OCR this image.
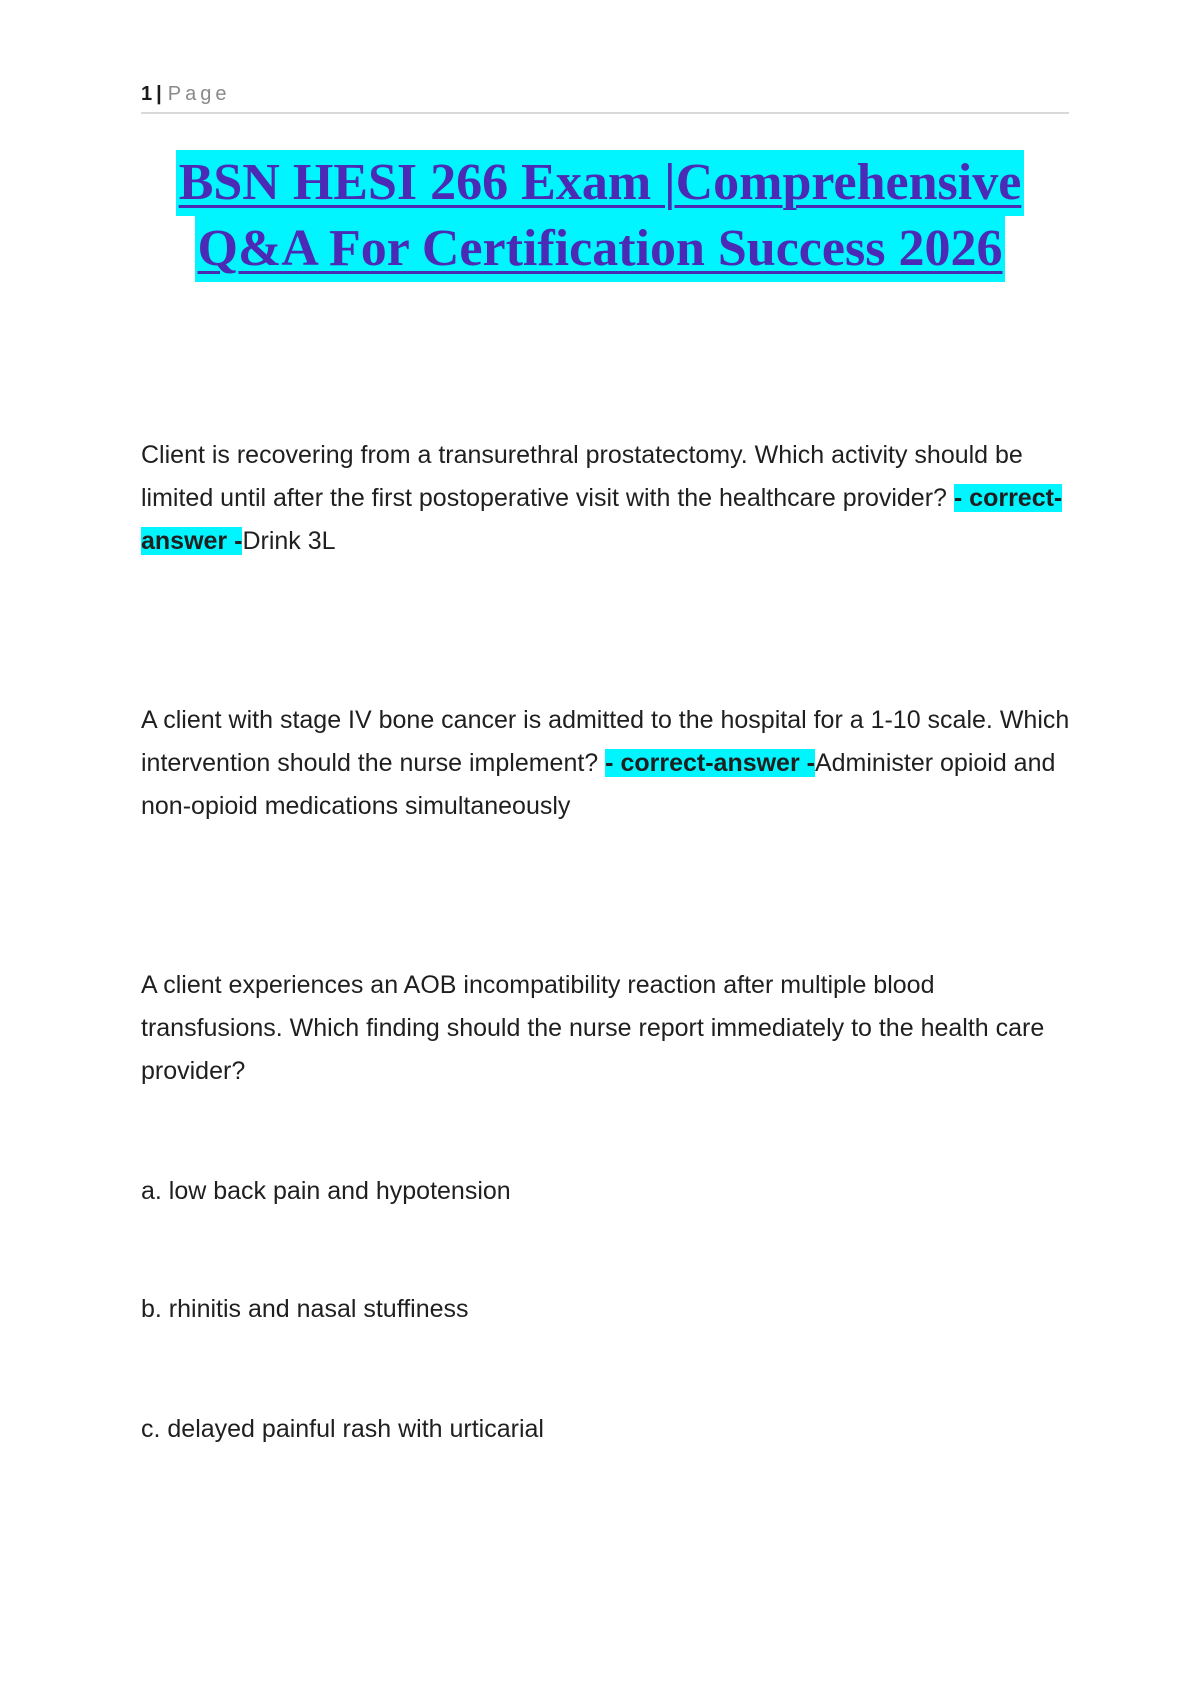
1 | Page
BSN HESI 266 Exam |Comprehensive
Q&A For Certification Success 2026
Client is recovering from a transurethral prostatectomy. Which activity should be limited until after the first postoperative visit with the healthcare provider? - correct-answer -Drink 3L
A client with stage IV bone cancer is admitted to the hospital for a 1-10 scale. Which intervention should the nurse implement? - correct-answer -Administer opioid and non-opioid medications simultaneously
A client experiences an AOB incompatibility reaction after multiple blood transfusions. Which finding should the nurse report immediately to the health care provider?
a. low back pain and hypotension
b. rhinitis and nasal stuffiness
c. delayed painful rash with urticarial
